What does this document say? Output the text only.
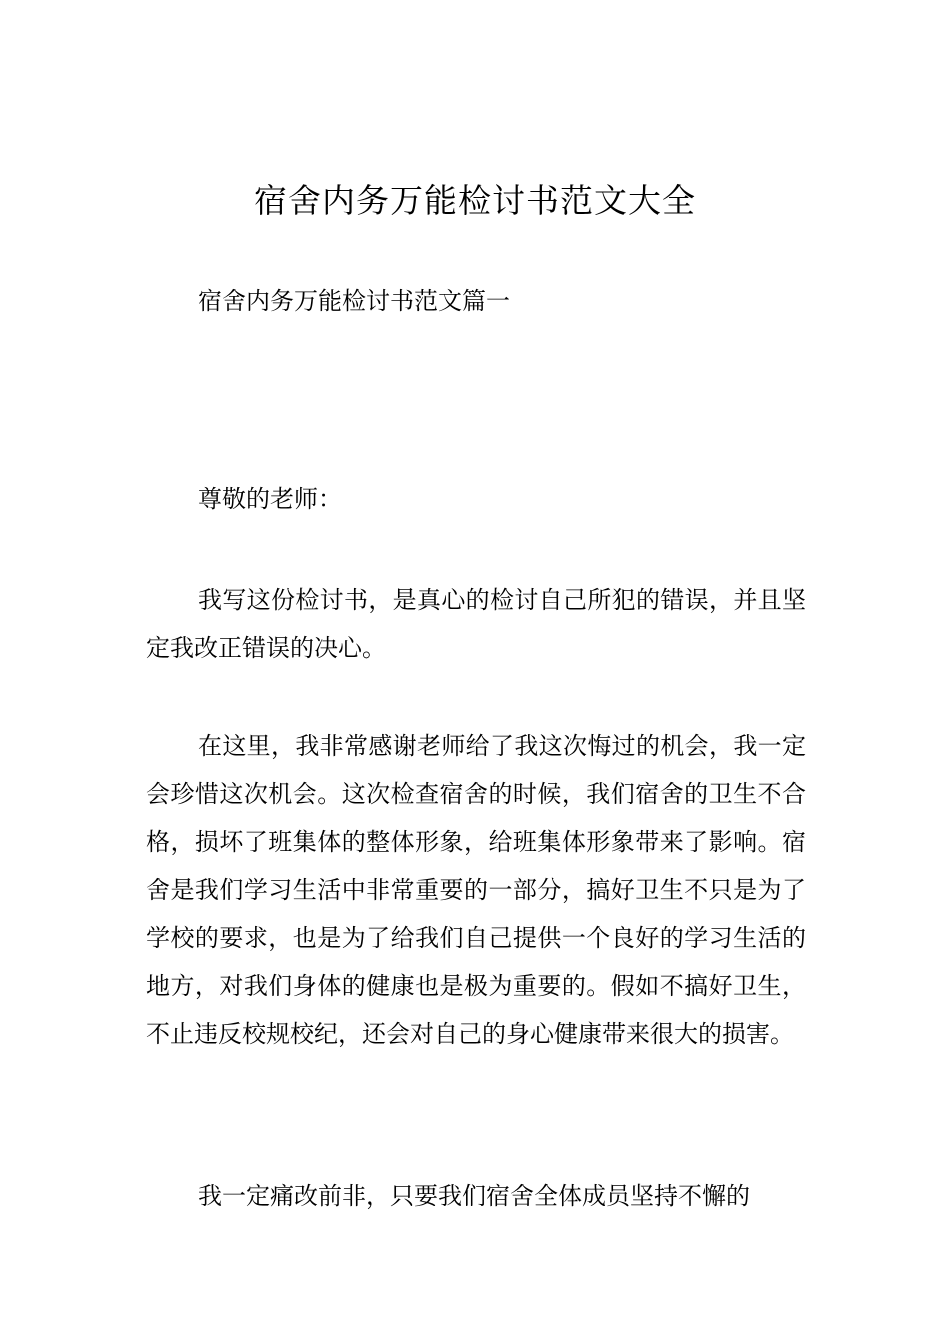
宿舍内务万能检讨书范文大全

宿舍内务万能检讨书范文篇一

尊敬的老师：

我写这份检讨书，是真心的检讨自己所犯的错误，并且坚定我改正错误的决心。

在这里，我非常感谢老师给了我这次悔过的机会，我一定会珍惜这次机会。这次检查宿舍的时候，我们宿舍的卫生不合格，损坏了班集体的整体形象，给班集体形象带来了影响。宿舍是我们学习生活中非常重要的一部分，搞好卫生不只是为了学校的要求，也是为了给我们自己提供一个良好的学习生活的地方，对我们身体的健康也是极为重要的。假如不搞好卫生，不止违反校规校纪，还会对自己的身心健康带来很大的损害。

我一定痛改前非，只要我们宿舍全体成员坚持不懈的
